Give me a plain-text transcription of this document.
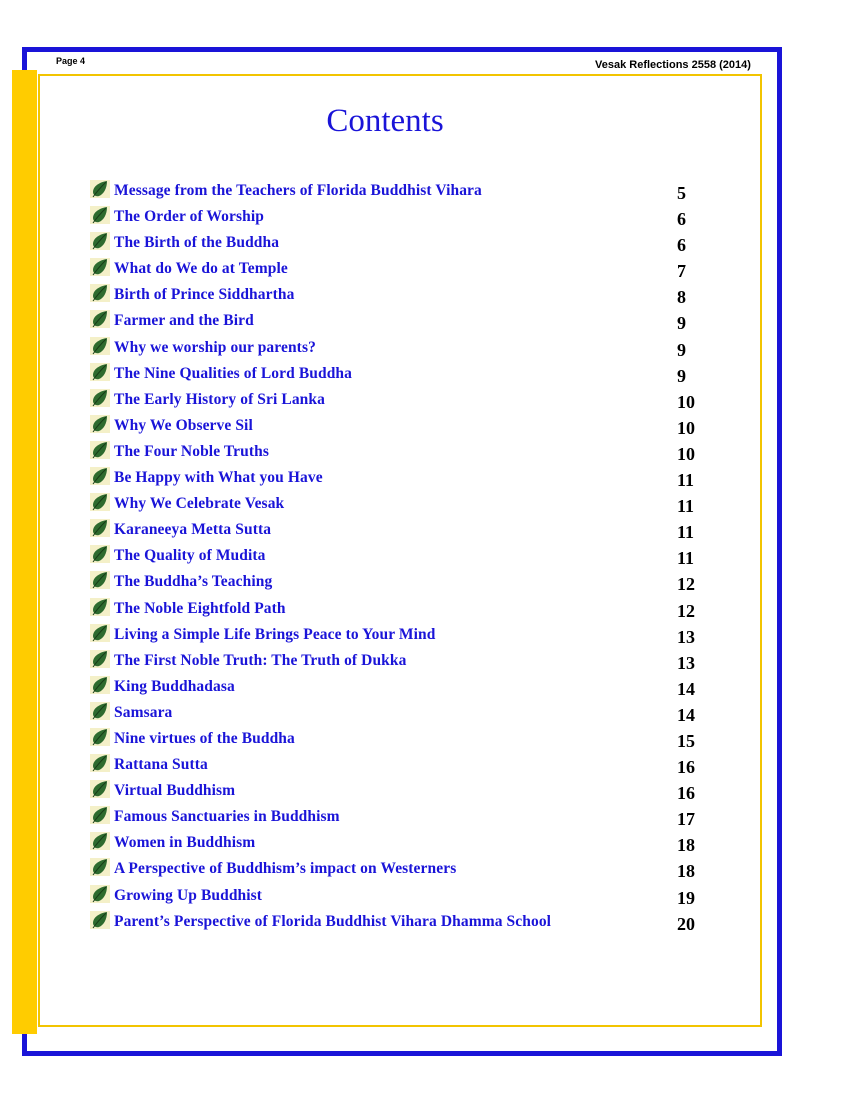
Page 4	Vesak Reflections 2558 (2014)
Contents
Message from the Teachers of Florida Buddhist Vihara	5
The Order of Worship	6
The Birth of the Buddha	6
What do We do at Temple	7
Birth of Prince Siddhartha	8
Farmer and the Bird	9
Why we worship our parents?	9
The Nine Qualities of Lord Buddha	9
The Early History of Sri Lanka	10
Why We Observe Sil	10
The Four Noble Truths	10
Be Happy with What you Have	11
Why We Celebrate Vesak	11
Karaneeya Metta Sutta	11
The Quality of Mudita	11
The Buddha’s Teaching	12
The Noble Eightfold Path	12
Living a Simple Life Brings Peace to Your Mind	13
The First Noble Truth: The Truth of Dukka	13
King Buddhadasa	14
Samsara	14
Nine virtues of the Buddha	15
Rattana Sutta	16
Virtual Buddhism	16
Famous Sanctuaries in Buddhism	17
Women in Buddhism	18
A Perspective of Buddhism’s impact on Westerners	18
Growing Up Buddhist	19
Parent’s Perspective of Florida Buddhist Vihara Dhamma School	20
